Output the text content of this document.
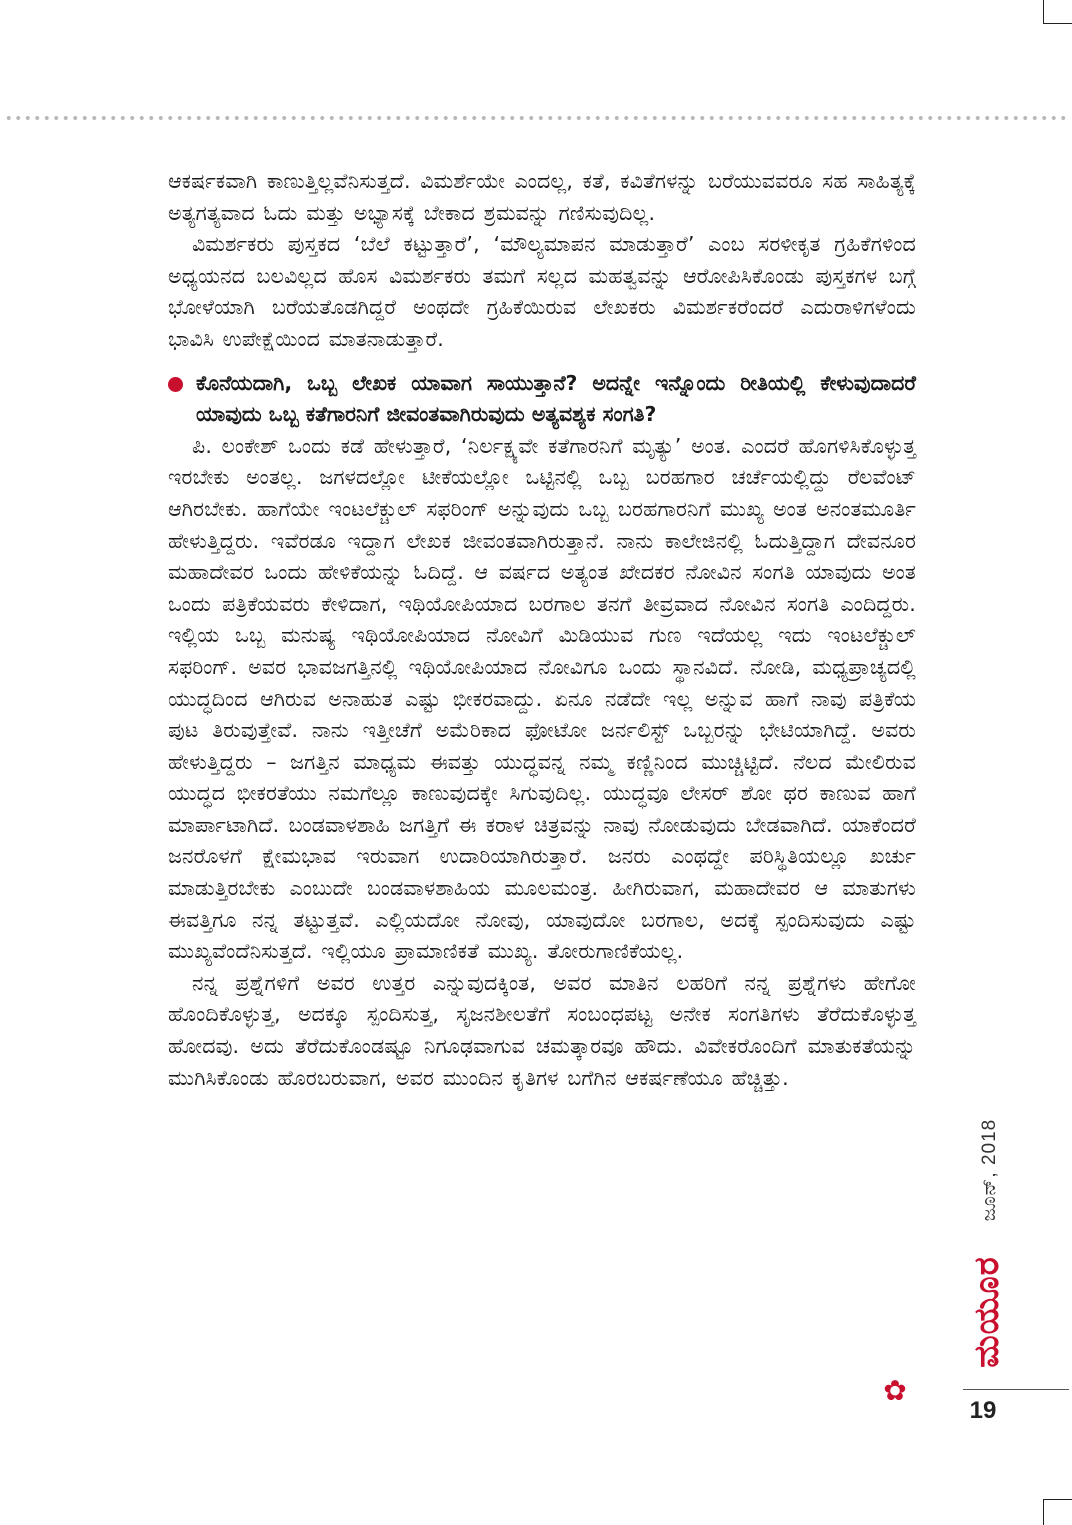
ಆಕರ್ಷಕವಾಗಿ ಕಾಣುತ್ತಿಲ್ಲವೆನಿಸುತ್ತದೆ. ವಿಮರ್ಶೆಯೇ ಎಂದಲ್ಲ, ಕತೆ, ಕವಿತೆಗಳನ್ನು ಬರೆಯುವವರೂ ಸಹ ಸಾಹಿತ್ಯಕ್ಕೆ ಅತ್ಯಗತ್ಯವಾದ ಓದು ಮತ್ತು ಅಭ್ಯಾಸಕ್ಕೆ ಬೇಕಾದ ಶ್ರಮವನ್ನು ಗಣಿಸುವುದಿಲ್ಲ.

ವಿಮರ್ಶಕರು ಪುಸ್ತಕದ ‘ಬೆಲೆ ಕಟ್ಟುತ್ತಾರೆ’, ‘ಮೌಲ್ಯಮಾಪನ ಮಾಡುತ್ತಾರೆ’ ಎಂಬ ಸರಳೀಕೃತ ಗ್ರಹಿಕೆಗಳಿಂದ ಅಧ್ಯಯನದ ಬಲವಿಲ್ಲದ ಹೊಸ ವಿಮರ್ಶಕರು ತಮಗೆ ಸಲ್ಲದ ಮಹತ್ವವನ್ನು ಆರೋಪಿಸಿಕೊಂಡು ಪುಸ್ತಕಗಳ ಬಗ್ಗೆ ಭೋಳೆಯಾಗಿ ಬರೆಯತೊಡಗಿದ್ದರೆ ಅಂಥದೇ ಗ್ರಹಿಕೆಯಿರುವ ಲೇಖಕರು ವಿಮರ್ಶಕರೆಂದರೆ ಎದುರಾಳಿಗಳೆಂದು ಭಾವಿಸಿ ಉಪೇಕ್ಷೆಯಿಂದ ಮಾತನಾಡುತ್ತಾರೆ.

ಕೊನೆಯದಾಗಿ, ಒಬ್ಬ ಲೇಖಕ ಯಾವಾಗ ಸಾಯುತ್ತಾನೆ? ಅದನ್ನೇ ಇನ್ನೊಂದು ರೀತಿಯಲ್ಲಿ ಕೇಳುವುದಾದರೆ ಯಾವುದು ಒಬ್ಬ ಕತೆಗಾರನಿಗೆ ಜೀವಂತವಾಗಿರುವುದು ಅತ್ಯವಶ್ಯಕ ಸಂಗತಿ?

ಪಿ. ಲಂಕೇಶ್ ಒಂದು ಕಡೆ ಹೇಳುತ್ತಾರೆ, ‘ನಿರ್ಲಕ್ಷ್ಯವೇ ಕತೆಗಾರನಿಗೆ ಮೃತ್ಯು’ ಅಂತ. ಎಂದರೆ ಹೊಗಳಿಸಿಕೊಳ್ಳುತ್ತ ಇರಬೇಕು ಅಂತಲ್ಲ. ಜಗಳದಲ್ಲೋ ಟೀಕೆಯಲ್ಲೋ ಒಟ್ಟಿನಲ್ಲಿ ಒಬ್ಬ ಬರಹಗಾರ ಚರ್ಚೆಯಲ್ಲಿದ್ದು ರೆಲವೆಂಟ್ ಆಗಿರಬೇಕು. ಹಾಗೆಯೇ ಇಂಟಲೆಕ್ಚುಲ್ ಸಫರಿಂಗ್ ಅನ್ನುವುದು ಒಬ್ಬ ಬರಹಗಾರನಿಗೆ ಮುಖ್ಯ ಅಂತ ಅನಂತಮೂರ್ತಿ ಹೇಳುತ್ತಿದ್ದರು. ಇವೆರಡೂ ಇದ್ದಾಗ ಲೇಖಕ ಜೀವಂತವಾಗಿರುತ್ತಾನೆ. ನಾನು ಕಾಲೇಜಿನಲ್ಲಿ ಓದುತ್ತಿದ್ದಾಗ ದೇವನೂರ ಮಹಾದೇವರ ಒಂದು ಹೇಳಿಕೆಯನ್ನು ಓದಿದ್ದೆ. ಆ ವರ್ಷದ ಅತ್ಯಂತ ಖೇದಕರ ನೋವಿನ ಸಂಗತಿ ಯಾವುದು ಅಂತ ಒಂದು ಪತ್ರಿಕೆಯವರು ಕೇಳಿದಾಗ, ಇಥಿಯೋಪಿಯಾದ ಬರಗಾಲ ತನಗೆ ತೀವ್ರವಾದ ನೋವಿನ ಸಂಗತಿ ಎಂದಿದ್ದರು. ಇಲ್ಲಿಯ ಒಬ್ಬ ಮನುಷ್ಯ ಇಥಿಯೋಪಿಯಾದ ನೋವಿಗೆ ಮಿಡಿಯುವ ಗುಣ ಇದೆಯಲ್ಲ ಇದು ಇಂಟಲೆಕ್ಚುಲ್ ಸಫರಿಂಗ್. ಅವರ ಭಾವಜಗತ್ತಿನಲ್ಲಿ ಇಥಿಯೋಪಿಯಾದ ನೋವಿಗೂ ಒಂದು ಸ್ಥಾನವಿದೆ. ನೋಡಿ, ಮಧ್ಯಪ್ರಾಚ್ಯದಲ್ಲಿ ಯುದ್ಧದಿಂದ ಆಗಿರುವ ಅನಾಹುತ ಎಷ್ಟು ಭೀಕರವಾದ್ದು. ಏನೂ ನಡೆದೇ ಇಲ್ಲ ಅನ್ನುವ ಹಾಗೆ ನಾವು ಪತ್ರಿಕೆಯ ಪುಟ ತಿರುವುತ್ತೇವೆ. ನಾನು ಇತ್ತೀಚೆಗೆ ಅಮೆರಿಕಾದ ಫೋಟೋ ಜರ್ನಲಿಸ್ಟ್ ಒಬ್ಬರನ್ನು ಭೇಟಿಯಾಗಿದ್ದೆ. ಅವರು ಹೇಳುತ್ತಿದ್ದರು – ಜಗತ್ತಿನ ಮಾಧ್ಯಮ ಈವತ್ತು ಯುದ್ಧವನ್ನ ನಮ್ಮ ಕಣ್ಣಿನಿಂದ ಮುಚ್ಚಿಟ್ಟಿದೆ. ನೆಲದ ಮೇಲಿರುವ ಯುದ್ಧದ ಭೀಕರತೆಯು ನಮಗೆಲ್ಲೂ ಕಾಣುವುದಕ್ಕೇ ಸಿಗುವುದಿಲ್ಲ. ಯುದ್ಧವೂ ಲೇಸರ್ ಶೋ ಥರ ಕಾಣುವ ಹಾಗೆ ಮಾರ್ಪಾಟಾಗಿದೆ. ಬಂಡವಾಳಶಾಹಿ ಜಗತ್ತಿಗೆ ಈ ಕರಾಳ ಚಿತ್ರವನ್ನು ನಾವು ನೋಡುವುದು ಬೇಡವಾಗಿದೆ. ಯಾಕೆಂದರೆ ಜನರೊಳಗೆ ಕ್ಷೇಮಭಾವ ಇರುವಾಗ ಉದಾರಿಯಾಗಿರುತ್ತಾರೆ. ಜನರು ಎಂಥದ್ದೇ ಪರಿಸ್ಥಿತಿಯಲ್ಲೂ ಖರ್ಚು ಮಾಡುತ್ತಿರಬೇಕು ಎಂಬುದೇ ಬಂಡವಾಳಶಾಹಿಯ ಮೂಲಮಂತ್ರ. ಹೀಗಿರುವಾಗ, ಮಹಾದೇವರ ಆ ಮಾತುಗಳು ಈವತ್ತಿಗೂ ನನ್ನ ತಟ್ಟುತ್ತವೆ. ಎಲ್ಲಿಯದೋ ನೋವು, ಯಾವುದೋ ಬರಗಾಲ, ಅದಕ್ಕೆ ಸ್ಪಂದಿಸುವುದು ಎಷ್ಟು ಮುಖ್ಯವೆಂದೆನಿಸುತ್ತದೆ. ಇಲ್ಲಿಯೂ ಪ್ರಾಮಾಣಿಕತೆ ಮುಖ್ಯ. ತೋರುಗಾಣಿಕೆಯಲ್ಲ.

ನನ್ನ ಪ್ರಶ್ನೆಗಳಿಗೆ ಅವರ ಉತ್ತರ ಎನ್ನುವುದಕ್ಕಿಂತ, ಅವರ ಮಾತಿನ ಲಹರಿಗೆ ನನ್ನ ಪ್ರಶ್ನೆಗಳು ಹೇಗೋ ಹೊಂದಿಕೊಳ್ಳುತ್ತ, ಅದಕ್ಕೂ ಸ್ಪಂದಿಸುತ್ತ, ಸೃಜನಶೀಲತೆಗೆ ಸಂಬಂಧಪಟ್ಟ ಅನೇಕ ಸಂಗತಿಗಳು ತೆರೆದುಕೊಳ್ಳುತ್ತ ಹೋದವು. ಅದು ತೆರೆದುಕೊಂಡಷ್ಟೂ ನಿಗೂಢವಾಗುವ ಚಮತ್ಕಾರವೂ ಹೌದು. ವಿವೇಕರೊಂದಿಗೆ ಮಾತುಕತೆಯನ್ನು ಮುಗಿಸಿಕೊಂಡು ಹೊರಬರುವಾಗ, ಅವರ ಮುಂದಿನ ಕೃತಿಗಳ ಬಗೆಗಿನ ಆಕರ್ಷಣೆಯೂ ಹೆಚ್ಚಿತ್ತು.

✿
ಜೂನ್, 2018
ಮಯೂರ
19
